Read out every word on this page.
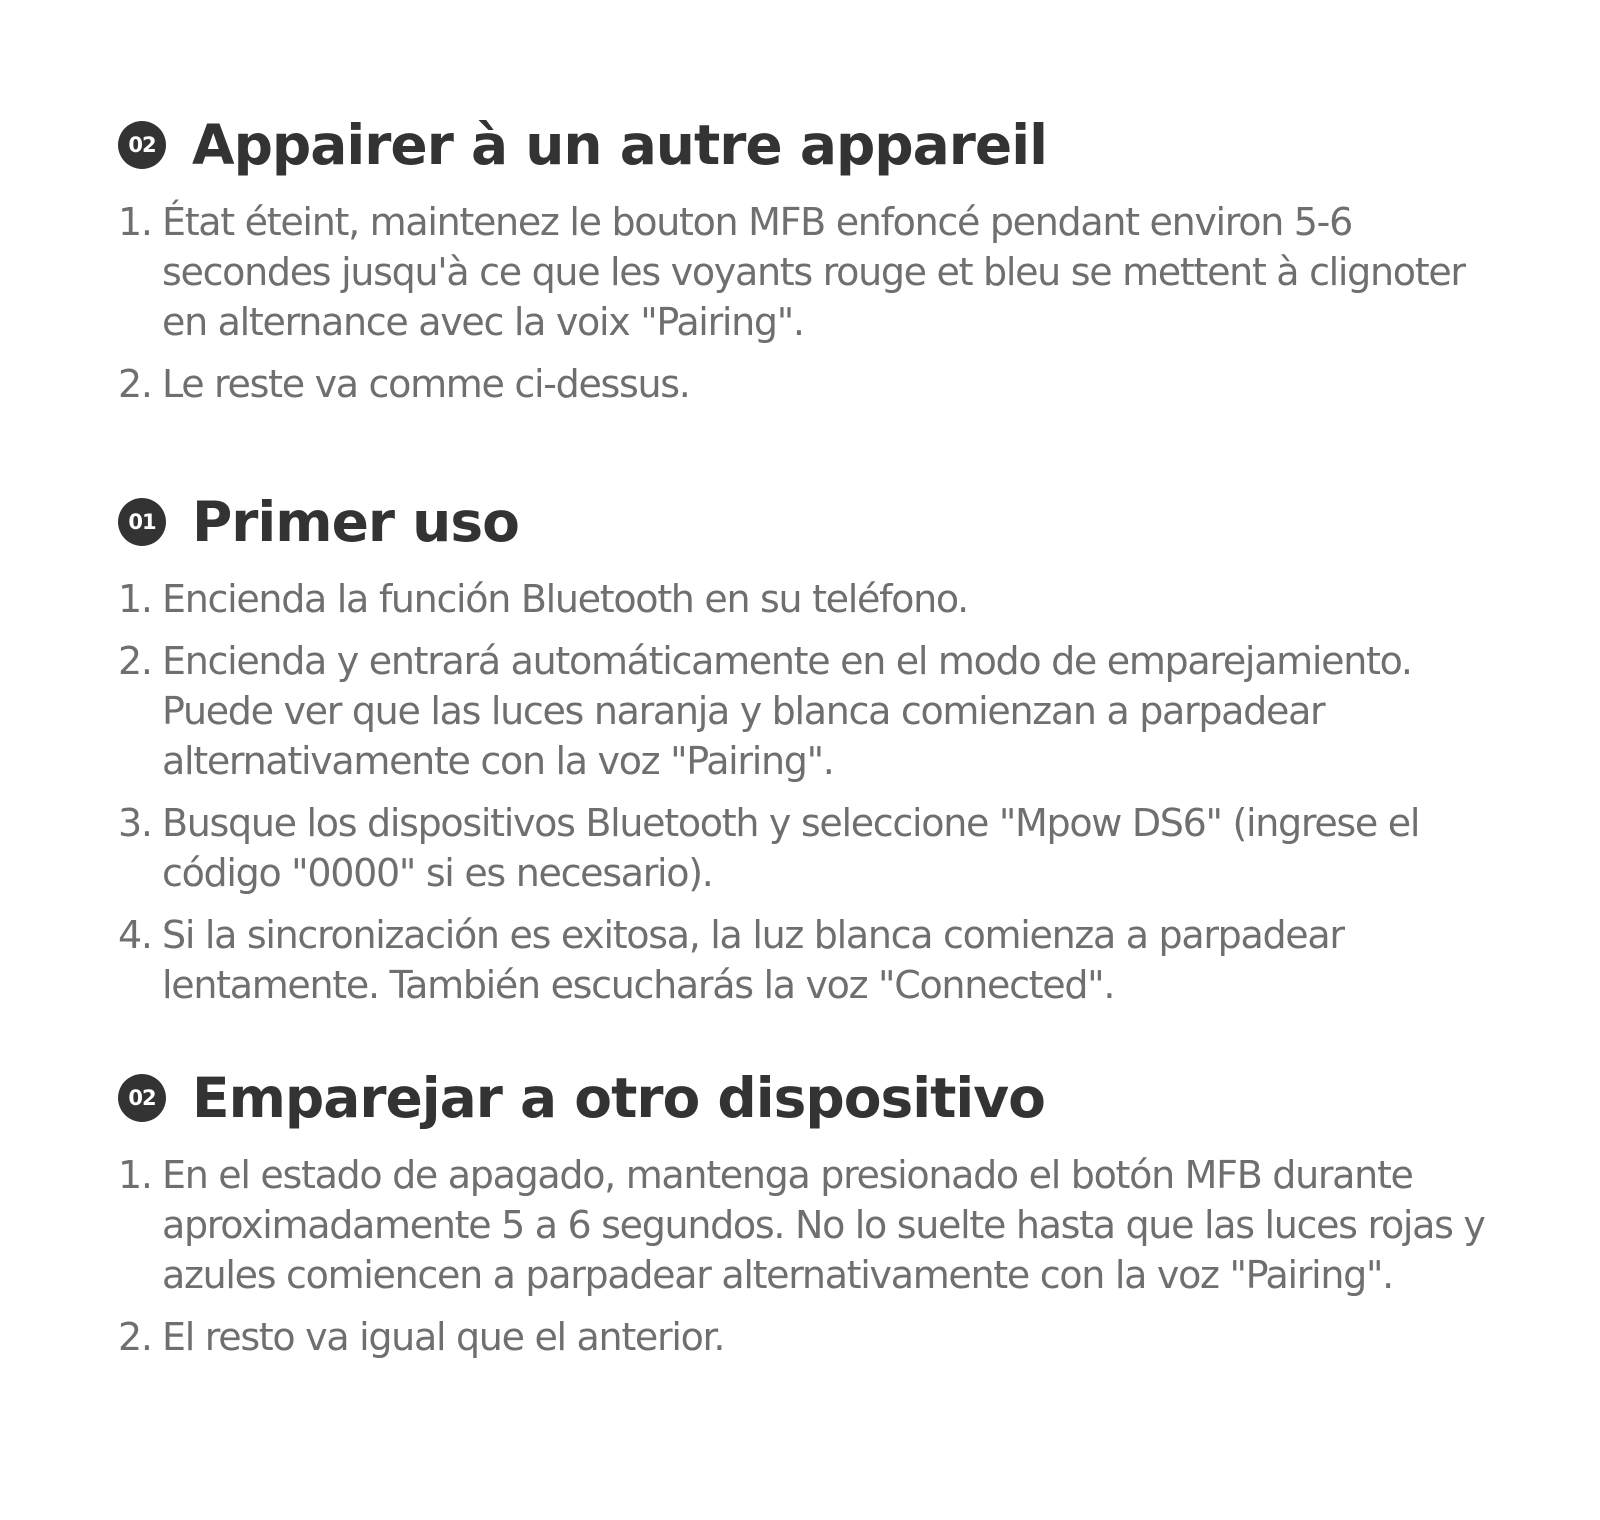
02 Appairer à un autre appareil
1. État éteint, maintenez le bouton MFB enfoncé pendant environ 5-6 secondes jusqu'à ce que les voyants rouge et bleu se mettent à clignoter en alternance avec la voix "Pairing".
2. Le reste va comme ci-dessus.
01 Primer uso
1. Encienda la función Bluetooth en su teléfono.
2. Encienda y entrará automáticamente en el modo de emparejamiento. Puede ver que las luces naranja y blanca comienzan a parpadear alternativamente con la voz "Pairing".
3. Busque los dispositivos Bluetooth y seleccione "Mpow DS6" (ingrese el código "0000" si es necesario).
4. Si la sincronización es exitosa, la luz blanca comienza a parpadear lentamente. También escucharás la voz "Connected".
02 Emparejar a otro dispositivo
1. En el estado de apagado, mantenga presionado el botón MFB durante aproximadamente 5 a 6 segundos. No lo suelte hasta que las luces rojas y azules comiencen a parpadear alternativamente con la voz "Pairing".
2. El resto va igual que el anterior.
